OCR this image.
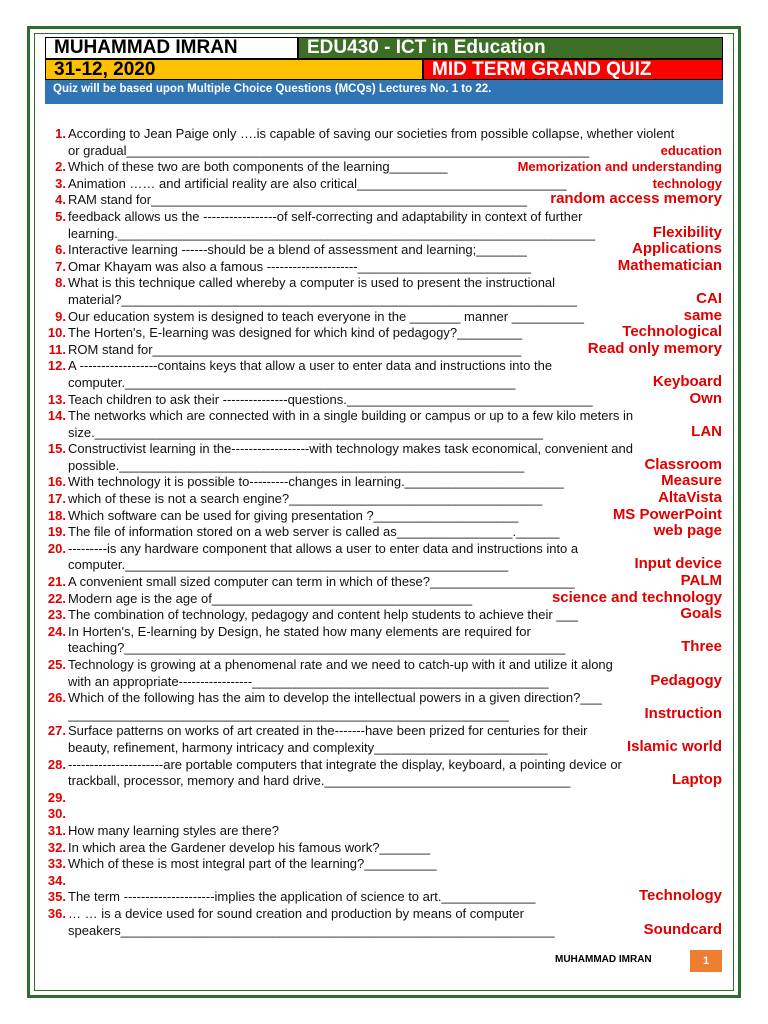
MUHAMMAD IMRAN	EDU430 - ICT in Education
31-12, 2020	MID TERM GRAND QUIZ
Quiz will be based upon Multiple Choice Questions (MCQs) Lectures No. 1 to 22.
1. According to Jean Paige only ….is capable of saving our societies from possible collapse, whether violent
or gradual________________________________________________________________	education
2. Which of these two are both components of the learning________	Memorization and understanding
3. Animation …… and artificial reality are also critical_____________________________	technology
4. RAM stand for____________________________________________________	random access memory
5. feedback allows us the -----------------of self-correcting and adaptability in context of further
learning.__________________________________________________________________	Flexibility
6. Interactive learning ------should be a blend of assessment and learning;_______	Applications
7. Omar Khayam was also a famous ---------------------________________________	Mathematician
8. What is this technique called whereby a computer is used to present the instructional
material?_______________________________________________________________	CAI
9. Our education system is designed to teach everyone in the _______ manner __________	same
10. The Horten's, E-learning was designed for which kind of pedagogy?_________	Technological
11. ROM stand for___________________________________________________	Read only memory
12. A ------------------contains keys that allow a user to enter data and instructions into the
computer.______________________________________________________	Keyboard
13. Teach children to ask their ---------------questions.__________________________________	Own
14. The networks which are connected with in a single building or campus or up to a few kilo meters in
size.______________________________________________________________	LAN
15. Constructivist learning in the------------------with technology makes task economical, convenient and
possible.________________________________________________________	Classroom
16. With technology it is possible to---------changes in learning.______________________	Measure
17. which of these is not a search engine?___________________________________	AltaVista
18. Which software can be used for giving presentation ?____________________	MS PowerPoint
19. The file of information stored on a web server is called as________________.______	web page
20. ---------is any hardware component that allows a user to enter data and instructions into a
computer._____________________________________________________	Input device
21. A convenient small sized computer can term in which of these?____________________	PALM
22. Modern age is the age of____________________________________	science and technology
23. The combination of technology, pedagogy and content help students to achieve their ___	Goals
24. In Horten's, E-learning by Design, he stated how many elements are required for
teaching?_____________________________________________________________	Three
25. Technology is growing at a phenomenal rate and we need to catch-up with it and utilize it along
with an appropriate-----------------_________________________________________	Pedagogy
26. Which of the following has the aim to develop the intellectual powers in a given direction?___
_____________________________________________________________	Instruction
27. Surface patterns on works of art created in the-------have been prized for centuries for their
beauty, refinement, harmony intricacy and complexity________________________	Islamic world
28. ----------------------are portable computers that integrate the display, keyboard, a pointing device or
trackball, processor, memory and hard drive.__________________________________	Laptop
29.

30.

31. How many learning styles are there?
32. In which area the Gardener develop his famous work?_______
33. Which of these is most integral part of the learning?__________
34.

35. The term ---------------------implies the application of science to art._____________	Technology
36. … … is a device used for sound creation and production by means of computer
speakers____________________________________________________________	Soundcard
MUHAMMAD IMRAN	1
